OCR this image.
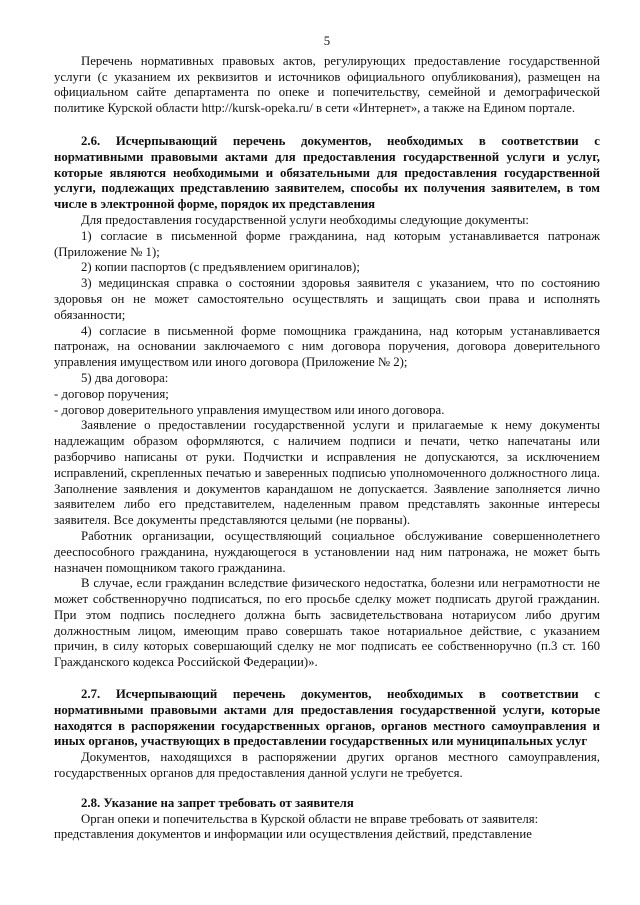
5

Перечень нормативных правовых актов, регулирующих предоставление государственной услуги (с указанием их реквизитов и источников официального опубликования), размещен на официальном сайте департамента по опеке и попечительству, семейной и демографической политике Курской области http://kursk-opeka.ru/ в сети «Интернет», а также на Едином портале.

2.6. Исчерпывающий перечень документов, необходимых в соответствии с нормативными правовыми актами для предоставления государственной услуги и услуг, которые являются необходимыми и обязательными для предоставления государственной услуги, подлежащих представлению заявителем, способы их получения заявителем, в том числе в электронной форме, порядок их представления

Для предоставления государственной услуги необходимы следующие документы:

1) согласие в письменной форме гражданина, над которым устанавливается патронаж (Приложение № 1);

2) копии паспортов (с предъявлением оригиналов);

3) медицинская справка о состоянии здоровья заявителя с указанием, что по состоянию здоровья он не может самостоятельно осуществлять и защищать свои права и исполнять обязанности;

4) согласие в письменной форме помощника гражданина, над которым устанавливается патронаж, на основании заключаемого с ним договора поручения, договора доверительного управления имуществом или иного договора (Приложение № 2);

5) два договора:

- договор поручения;

- договор доверительного управления имуществом или иного договора.

Заявление о предоставлении государственной услуги и прилагаемые к нему документы надлежащим образом оформляются, с наличием подписи и печати, четко напечатаны или разборчиво написаны от руки. Подчистки и исправления не допускаются, за исключением исправлений, скрепленных печатью и заверенных подписью уполномоченного должностного лица. Заполнение заявления и документов карандашом не допускается. Заявление заполняется лично заявителем либо его представителем, наделенным правом представлять законные интересы заявителя. Все документы представляются целыми (не порваны).

Работник организации, осуществляющий социальное обслуживание совершеннолетнего дееспособного гражданина, нуждающегося в установлении над ним патронажа, не может быть назначен помощником такого гражданина.

В случае, если гражданин вследствие физического недостатка, болезни или неграмотности не может собственноручно подписаться, по его просьбе сделку может подписать другой гражданин. При этом подпись последнего должна быть засвидетельствована нотариусом либо другим должностным лицом, имеющим право совершать такое нотариальное действие, с указанием причин, в силу которых совершающий сделку не мог подписать ее собственноручно (п.3 ст. 160 Гражданского кодекса Российской Федерации)».

2.7. Исчерпывающий перечень документов, необходимых в соответствии с нормативными правовыми актами для предоставления государственной услуги, которые находятся в распоряжении государственных органов, органов местного самоуправления и иных органов, участвующих в предоставлении государственных или муниципальных услуг

Документов, находящихся в распоряжении других органов местного самоуправления, государственных органов для предоставления данной услуги не требуется.

2.8. Указание на запрет требовать от заявителя

Орган опеки и попечительства в Курской области не вправе требовать от заявителя:

представления документов и информации или осуществления действий, представление
